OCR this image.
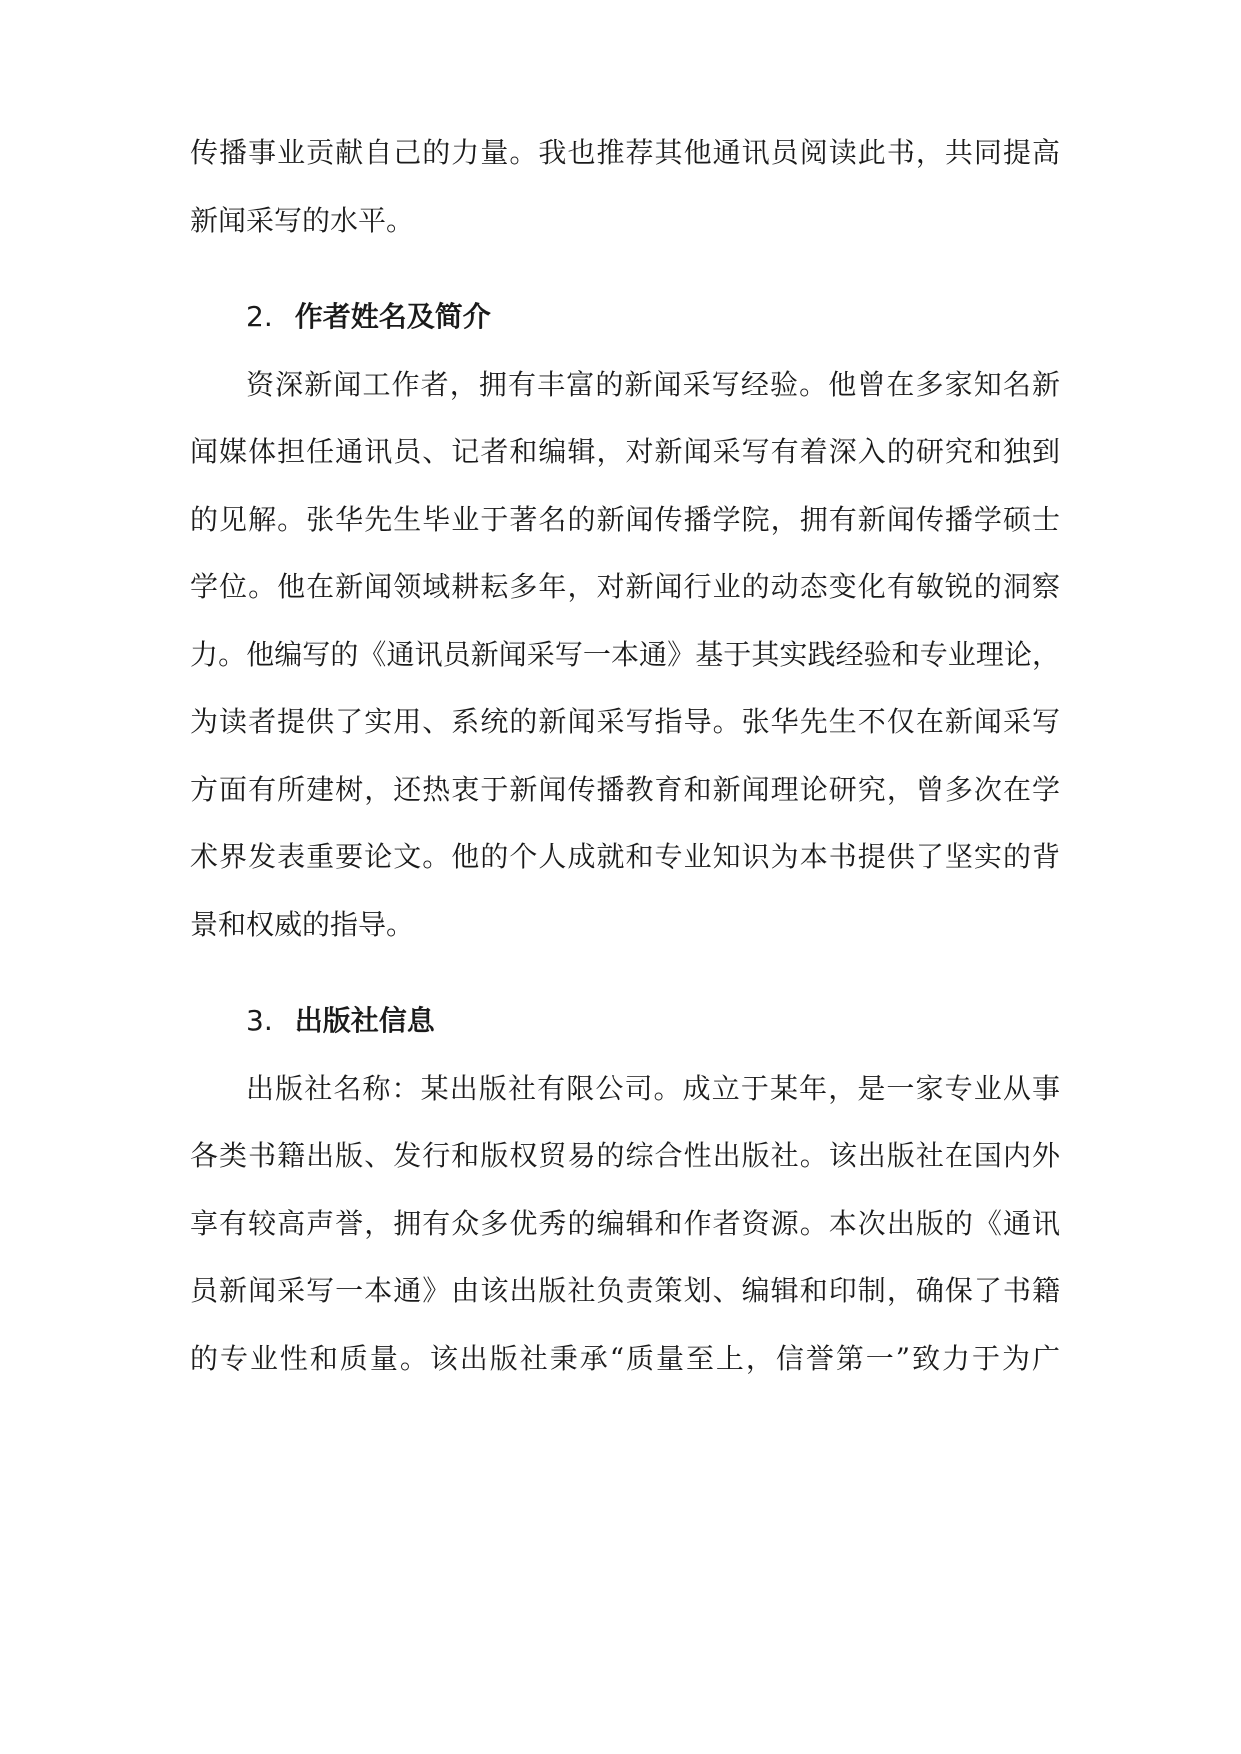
传播事业贡献自己的力量。我也推荐其他通讯员阅读此书，共同提高
新闻采写的水平。
2. 作者姓名及简介
资深新闻工作者，拥有丰富的新闻采写经验。他曾在多家知名新
闻媒体担任通讯员、记者和编辑，对新闻采写有着深入的研究和独到
的见解。张华先生毕业于著名的新闻传播学院，拥有新闻传播学硕士
学位。他在新闻领域耕耘多年，对新闻行业的动态变化有敏锐的洞察
力。他编写的《通讯员新闻采写一本通》基于其实践经验和专业理论，
为读者提供了实用、系统的新闻采写指导。张华先生不仅在新闻采写
方面有所建树，还热衷于新闻传播教育和新闻理论研究，曾多次在学
术界发表重要论文。他的个人成就和专业知识为本书提供了坚实的背
景和权威的指导。
3. 出版社信息
出版社名称：某出版社有限公司。成立于某年，是一家专业从事
各类书籍出版、发行和版权贸易的综合性出版社。该出版社在国内外
享有较高声誉，拥有众多优秀的编辑和作者资源。本次出版的《通讯
员新闻采写一本通》由该出版社负责策划、编辑和印制，确保了书籍
的专业性和质量。该出版社秉承“质量至上，信誉第一”致力于为广
